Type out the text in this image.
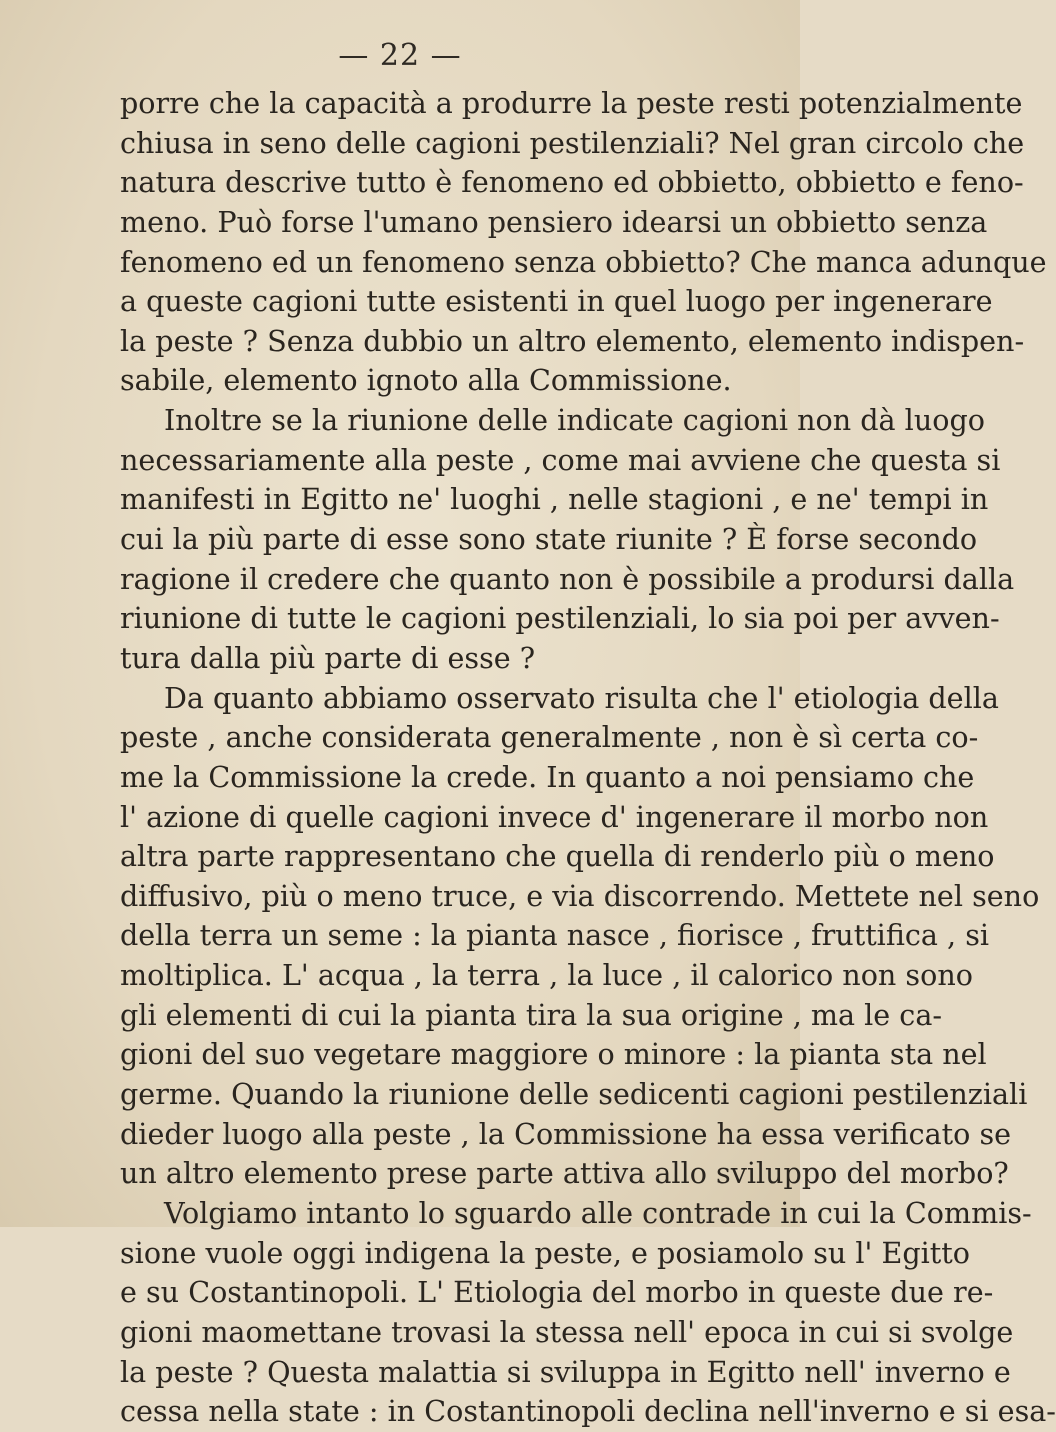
— 22 —
porre che la capacità a produrre la peste resti potenzialmente
chiusa in seno delle cagioni pestilenziali? Nel gran circolo che
natura descrive tutto è fenomeno ed obbietto, obbietto e feno-
meno. Può forse l'umano pensiero idearsi un obbietto senza
fenomeno ed un fenomeno senza obbietto? Che manca adunque
a queste cagioni tutte esistenti in quel luogo per ingenerare
la peste ? Senza dubbio un altro elemento, elemento indispen-
sabile, elemento ignoto alla Commissione.
Inoltre se la riunione delle indicate cagioni non dà luogo
necessariamente alla peste , come mai avviene che questa si
manifesti in Egitto ne' luoghi , nelle stagioni , e ne' tempi in
cui la più parte di esse sono state riunite ? È forse secondo
ragione il credere che quanto non è possibile a prodursi dalla
riunione di tutte le cagioni pestilenziali, lo sia poi per avven-
tura dalla più parte di esse ?
Da quanto abbiamo osservato risulta che l' etiologia della
peste , anche considerata generalmente , non è sì certa co-
me la Commissione la crede. In quanto a noi pensiamo che
l' azione di quelle cagioni invece d' ingenerare il morbo non
altra parte rappresentano che quella di renderlo più o meno
diffusivo, più o meno truce, e via discorrendo. Mettete nel seno
della terra un seme : la pianta nasce , fiorisce , fruttifica , si
moltiplica. L' acqua , la terra , la luce , il calorico non sono
gli elementi di cui la pianta tira la sua origine , ma le ca-
gioni del suo vegetare maggiore o minore : la pianta sta nel
germe. Quando la riunione delle sedicenti cagioni pestilenziali
dieder luogo alla peste , la Commissione ha essa verificato se
un altro elemento prese parte attiva allo sviluppo del morbo?
Volgiamo intanto lo sguardo alle contrade in cui la Commis-
sione vuole oggi indigena la peste, e posiamolo su l' Egitto
e su Costantinopoli. L' Etiologia del morbo in queste due re-
gioni maomettane trovasi la stessa nell' epoca in cui si svolge
la peste ? Questa malattia si sviluppa in Egitto nell' inverno e
cessa nella state : in Costantinopoli declina nell'inverno e si esa-
